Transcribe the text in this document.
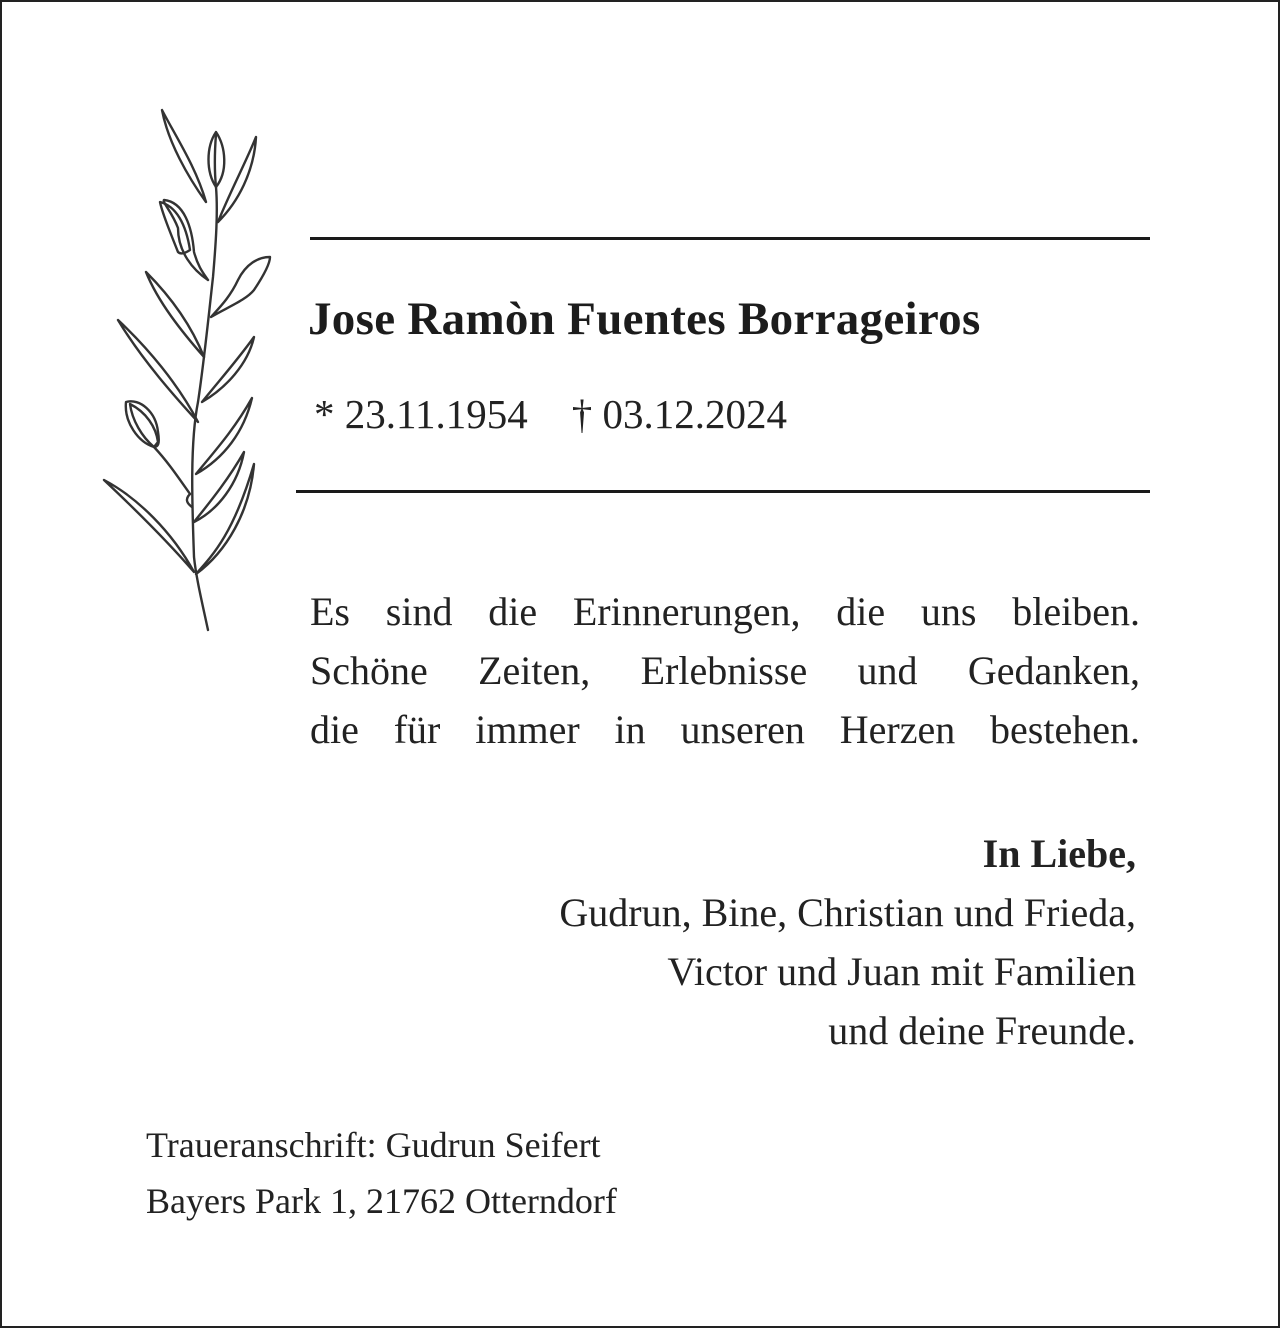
Jose Ramòn Fuentes Borrageiros
* 23.11.1954 † 03.12.2024
Es sind die Erinnerungen, die uns bleiben.
Schöne Zeiten, Erlebnisse und Gedanken,
die für immer in unseren Herzen bestehen.
In Liebe,
Gudrun, Bine, Christian und Frieda,
Victor und Juan mit Familien
und deine Freunde.
Traueranschrift: Gudrun Seifert
Bayers Park 1, 21762 Otterndorf
